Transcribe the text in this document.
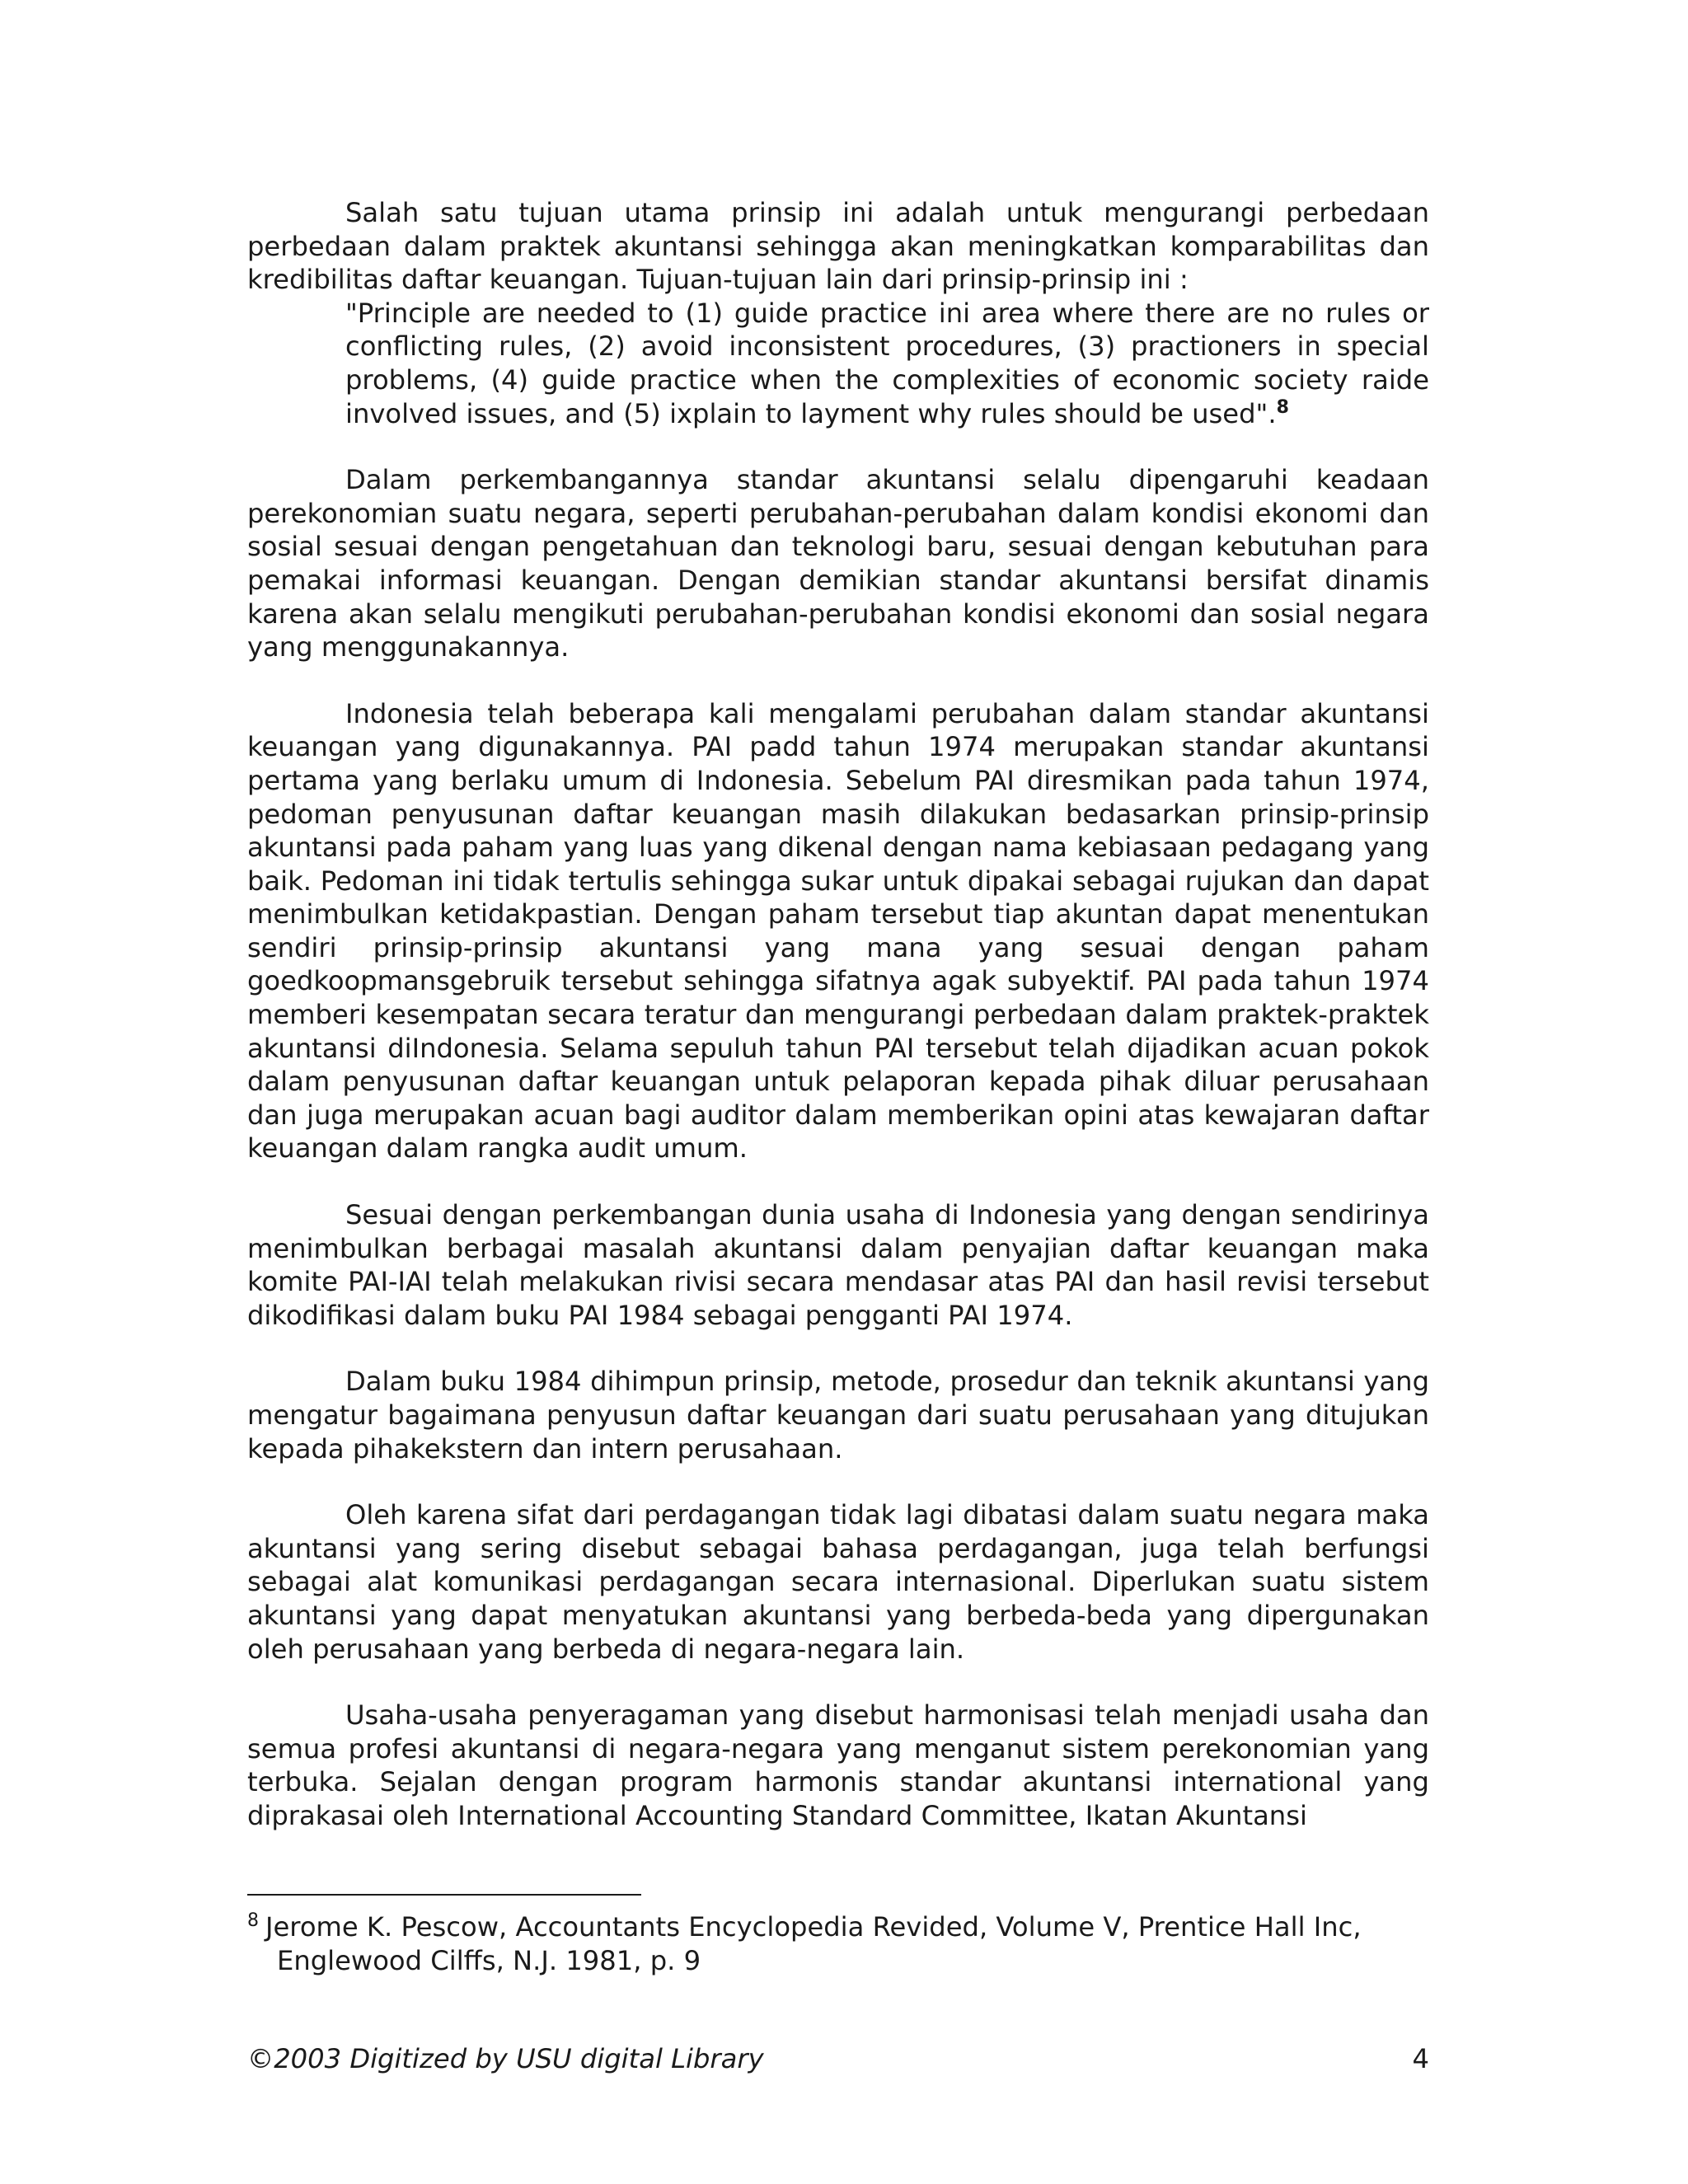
Salah satu tujuan utama prinsip ini adalah untuk mengurangi perbedaan perbedaan dalam praktek akuntansi sehingga akan meningkatkan komparabilitas dan kredibilitas daftar keuangan. Tujuan-tujuan lain dari prinsip-prinsip ini :

"Principle are needed to (1) guide practice ini area where there are no rules or conflicting rules, (2) avoid inconsistent procedures, (3) practioners in special problems, (4) guide practice when the complexities of economic society raide involved issues, and (5) ixplain to layment why rules should be used".$^8$

Dalam perkembangannya standar akuntansi selalu dipengaruhi keadaan perekonomian suatu negara, seperti perubahan-perubahan dalam kondisi ekonomi dan sosial sesuai dengan pengetahuan dan teknologi baru, sesuai dengan kebutuhan para pemakai informasi keuangan. Dengan demikian standar akuntansi bersifat dinamis karena akan selalu mengikuti perubahan-perubahan kondisi ekonomi dan sosial negara yang menggunakannya.

Indonesia telah beberapa kali mengalami perubahan dalam standar akuntansi keuangan yang digunakannya. PAI padd tahun 1974 merupakan standar akuntansi pertama yang berlaku umum di Indonesia. Sebelum PAI diresmikan pada tahun 1974, pedoman penyusunan daftar keuangan masih dilakukan bedasarkan prinsip-prinsip akuntansi pada paham yang luas yang dikenal dengan nama kebiasaan pedagang yang baik. Pedoman ini tidak tertulis sehingga sukar untuk dipakai sebagai rujukan dan dapat menimbulkan ketidakpastian. Dengan paham tersebut tiap akuntan dapat menentukan sendiri prinsip-prinsip akuntansi yang mana yang sesuai dengan paham goedkoopmansgebruik tersebut sehingga sifatnya agak subyektif. PAI pada tahun 1974 memberi kesempatan secara teratur dan mengurangi perbedaan dalam praktek-praktek akuntansi diIndonesia. Selama sepuluh tahun PAI tersebut telah dijadikan acuan pokok dalam penyusunan daftar keuangan untuk pelaporan kepada pihak diluar perusahaan dan juga merupakan acuan bagi auditor dalam memberikan opini atas kewajaran daftar keuangan dalam rangka audit umum.

Sesuai dengan perkembangan dunia usaha di Indonesia yang dengan sendirinya menimbulkan berbagai masalah akuntansi dalam penyajian daftar keuangan maka komite PAI-IAI telah melakukan rivisi secara mendasar atas PAI dan hasil revisi tersebut dikodifikasi dalam buku PAI 1984 sebagai pengganti PAI 1974.

Dalam buku 1984 dihimpun prinsip, metode, prosedur dan teknik akuntansi yang mengatur bagaimana penyusun daftar keuangan dari suatu perusahaan yang ditujukan kepada pihakekstern dan intern perusahaan.

Oleh karena sifat dari perdagangan tidak lagi dibatasi dalam suatu negara maka akuntansi yang sering disebut sebagai bahasa perdagangan, juga telah berfungsi sebagai alat komunikasi perdagangan secara internasional. Diperlukan suatu sistem akuntansi yang dapat menyatukan akuntansi yang berbeda-beda yang dipergunakan oleh perusahaan yang berbeda di negara-negara lain.

Usaha-usaha penyeragaman yang disebut harmonisasi telah menjadi usaha dan semua profesi akuntansi di negara-negara yang menganut sistem perekonomian yang terbuka. Sejalan dengan program harmonis standar akuntansi international yang diprakasai oleh International Accounting Standard Committee, Ikatan Akuntansi

$^8$ Jerome K. Pescow, Accountants Encyclopedia Revided, Volume V, Prentice Hall Inc,
Englewood Cilffs, N.J. 1981, p. 9
©2003 Digitized by USU digital Library	4
